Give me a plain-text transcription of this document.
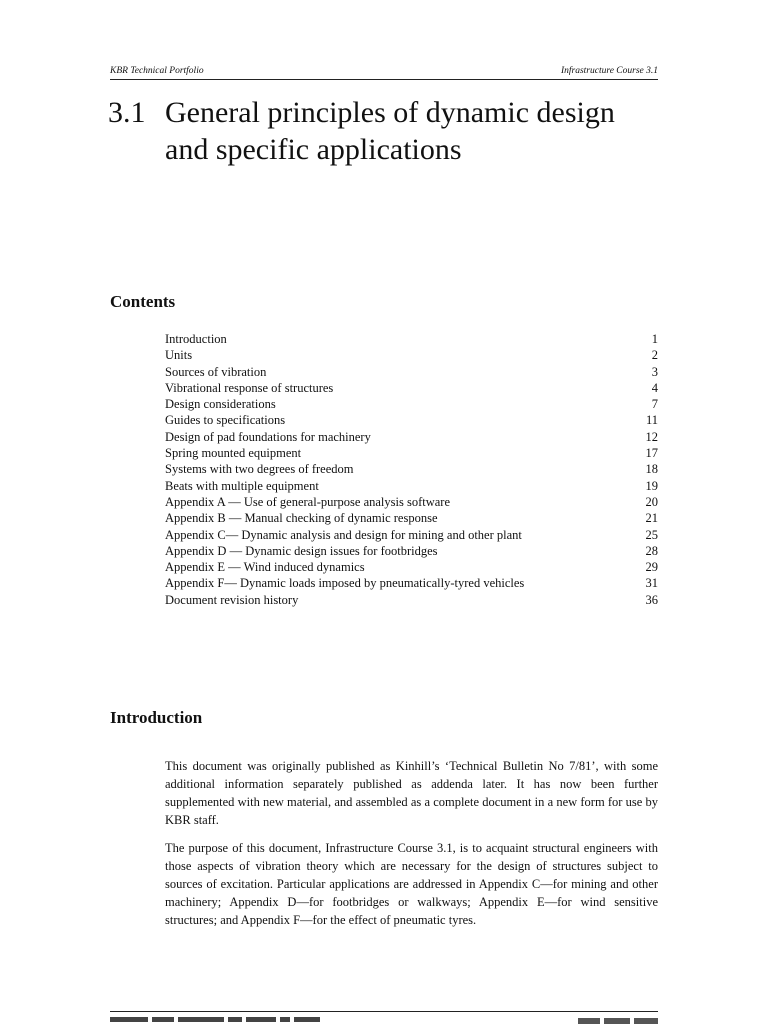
KBR Technical Portfolio	Infrastructure Course 3.1
3.1 General principles of dynamic design
and specific applications
Contents
Introduction	1
Units	2
Sources of vibration	3
Vibrational response of structures	4
Design considerations	7
Guides to specifications	11
Design of pad foundations for machinery	12
Spring mounted equipment	17
Systems with two degrees of freedom	18
Beats with multiple equipment	19
Appendix A — Use of general-purpose analysis software	20
Appendix B — Manual checking of dynamic response	21
Appendix C— Dynamic analysis and design for mining and other plant	25
Appendix D — Dynamic design issues for footbridges	28
Appendix E — Wind induced dynamics	29
Appendix F— Dynamic loads imposed by pneumatically-tyred vehicles	31
Document revision history	36
Introduction

This document was originally published as Kinhill’s ‘Technical Bulletin No 7/81’, with some additional information separately published as addenda later. It has now been further supplemented with new material, and assembled as a complete document in a new form for use by KBR staff.

The purpose of this document, Infrastructure Course 3.1, is to acquaint structural engineers with those aspects of vibration theory which are necessary for the design of structures subject to sources of excitation. Particular applications are addressed in Appendix C—for mining and other machinery; Appendix D—for footbridges or walkways; Appendix E—for wind sensitive structures; and Appendix F—for the effect of pneumatic tyres.
